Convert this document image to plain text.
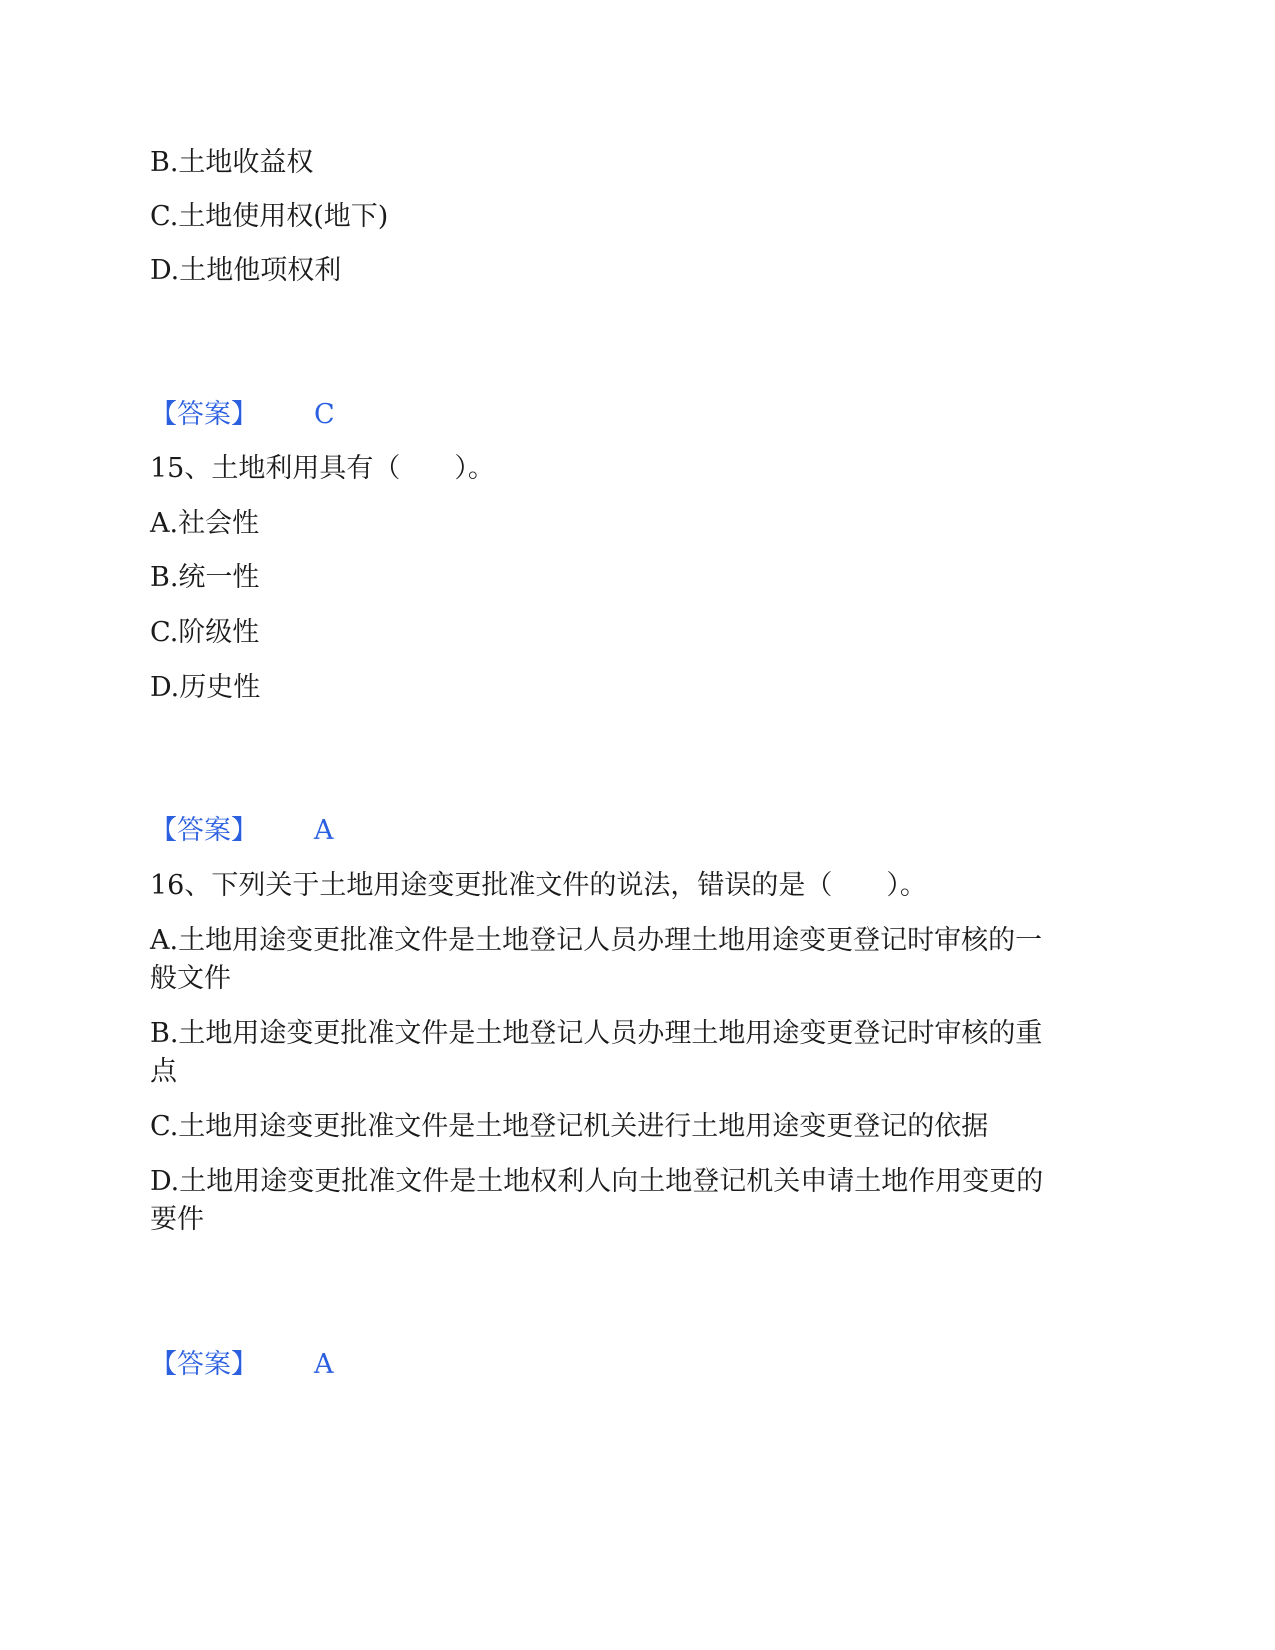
B.土地收益权
C.土地使用权(地下)
D.土地他项权利
【答案】 C
15、土地利用具有（　　）。
A.社会性
B.统一性
C.阶级性
D.历史性
【答案】 A
16、下列关于土地用途变更批准文件的说法，错误的是（　　）。
A.土地用途变更批准文件是土地登记人员办理土地用途变更登记时审核的一
般文件
B.土地用途变更批准文件是土地登记人员办理土地用途变更登记时审核的重
点
C.土地用途变更批准文件是土地登记机关进行土地用途变更登记的依据
D.土地用途变更批准文件是土地权利人向土地登记机关申请土地作用变更的
要件
【答案】 A
